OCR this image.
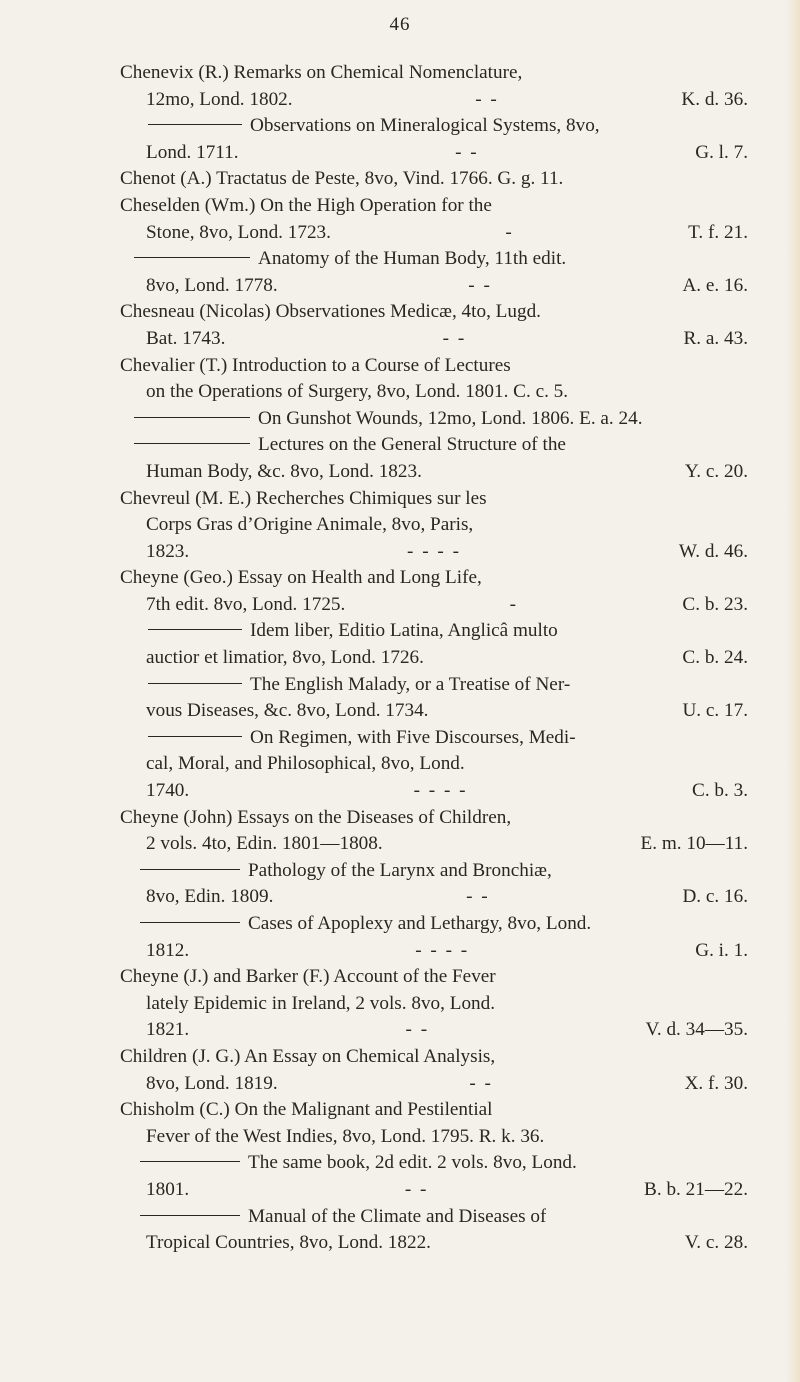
46
Chenevix (R.) Remarks on Chemical Nomenclature,
12mo, Lond. 1802.	- -	K. d. 36.
Observations on Mineralogical Systems, 8vo,
Lond. 1711.	- -	G. l. 7.
Chenot (A.) Tractatus de Peste, 8vo, Vind. 1766. G. g. 11.
Cheselden (Wm.) On the High Operation for the
Stone, 8vo, Lond. 1723.	-	T. f. 21.
Anatomy of the Human Body, 11th edit.
8vo, Lond. 1778.	- -	A. e. 16.
Chesneau (Nicolas) Observationes Medicæ, 4to, Lugd.
Bat. 1743.	- -	R. a. 43.
Chevalier (T.) Introduction to a Course of Lectures
on the Operations of Surgery, 8vo, Lond. 1801. C. c. 5.
On Gunshot Wounds, 12mo, Lond. 1806. E. a. 24.
Lectures on the General Structure of the
Human Body, &c. 8vo, Lond. 1823.	Y. c. 20.
Chevreul (M. E.) Recherches Chimiques sur les
Corps Gras d’Origine Animale, 8vo, Paris,
1823.	- - - -	W. d. 46.
Cheyne (Geo.) Essay on Health and Long Life,
7th edit. 8vo, Lond. 1725.	-	C. b. 23.
Idem liber, Editio Latina, Anglicâ multo
auctior et limatior, 8vo, Lond. 1726.	C. b. 24.
The English Malady, or a Treatise of Ner-
vous Diseases, &c. 8vo, Lond. 1734.	U. c. 17.
On Regimen, with Five Discourses, Medi-
cal, Moral, and Philosophical, 8vo, Lond.
1740.	- - - -	C. b. 3.
Cheyne (John) Essays on the Diseases of Children,
2 vols. 4to, Edin. 1801—1808.	E. m. 10—11.
Pathology of the Larynx and Bronchiæ,
8vo, Edin. 1809.	- -	D. c. 16.
Cases of Apoplexy and Lethargy, 8vo, Lond.
1812.	- - - -	G. i. 1.
Cheyne (J.) and Barker (F.) Account of the Fever
lately Epidemic in Ireland, 2 vols. 8vo, Lond.
1821.	- -	V. d. 34—35.
Children (J. G.) An Essay on Chemical Analysis,
8vo, Lond. 1819.	- -	X. f. 30.
Chisholm (C.) On the Malignant and Pestilential
Fever of the West Indies, 8vo, Lond. 1795. R. k. 36.
The same book, 2d edit. 2 vols. 8vo, Lond.
1801.	- -	B. b. 21—22.
Manual of the Climate and Diseases of
Tropical Countries, 8vo, Lond. 1822.	V. c. 28.
